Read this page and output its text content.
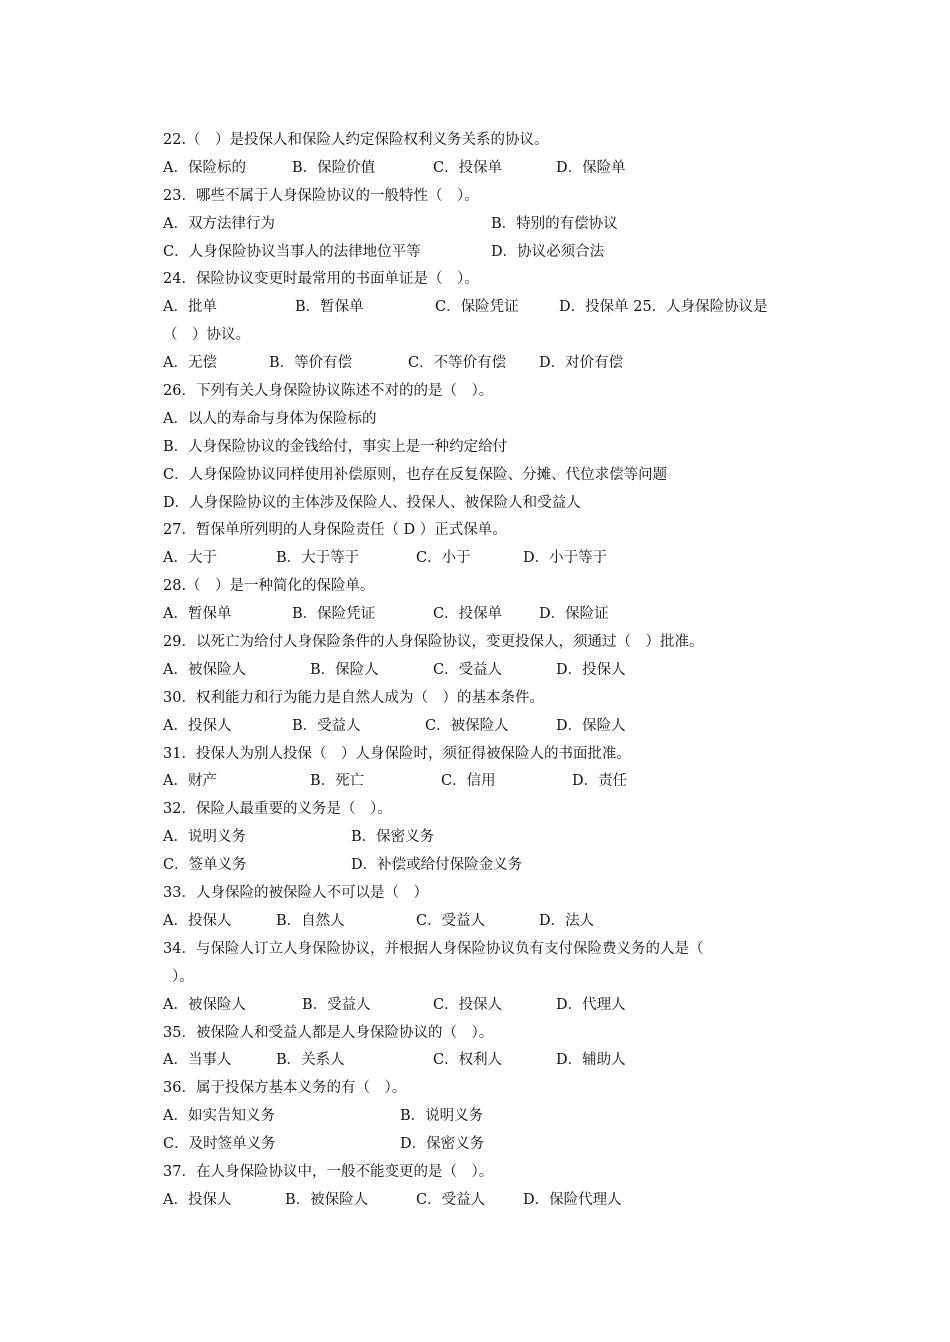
22.（　）是投保人和保险人约定保险权利义务关系的协议。
A．保险标的	B．保险价值	C．投保单	D．保险单
23．哪些不属于人身保险协议的一般特性（　）。
A．双方法律行为	B．特别的有偿协议
C．人身保险协议当事人的法律地位平等	D．协议必须合法
24．保险协议变更时最常用的书面单证是（　）。
A．批单	B．暂保单	C．保险凭证	D．投保单 25．人身保险协议是
（　）协议。
A．无偿	B．等价有偿	C．不等价有偿 D．对价有偿
26．下列有关人身保险协议陈述不对的的是（　）。
A．以人的寿命与身体为保险标的
B．人身保险协议的金钱给付，事实上是一种约定给付
C．人身保险协议同样使用补偿原则，也存在反复保险、分摊、代位求偿等问题
D．人身保险协议的主体涉及保险人、投保人、被保险人和受益人
27．暂保单所列明的人身保险责任（ D ）正式保单。
A．大于	B．大于等于	C．小于	D．小于等于
28.（　）是一种简化的保险单。
A．暂保单	B．保险凭证	C．投保单	D．保险证
29．以死亡为给付人身保险条件的人身保险协议，变更投保人，须通过（　）批准。
A．被保险人	B．保险人	C．受益人	D．投保人
30．权利能力和行为能力是自然人成为（　）的基本条件。
A．投保人	B．受益人	C．被保险人	D．保险人
31．投保人为别人投保（　）人身保险时，须征得被保险人的书面批准。
A．财产	B．死亡	C．信用	D．责任
32．保险人最重要的义务是（　）。
A．说明义务	B．保密义务
C．签单义务	D．补偿或给付保险金义务
33．人身保险的被保险人不可以是（　）
A．投保人	B．自然人	C．受益人	D．法人
34．与保险人订立人身保险协议，并根据人身保险协议负有支付保险费义务的人是（
）。
A．被保险人	B．受益人	C．投保人	D．代理人
35．被保险人和受益人都是人身保险协议的（　）。
A．当事人	B．关系人	C．权利人	D．辅助人
36．属于投保方基本义务的有（　）。
A．如实告知义务	B．说明义务
C．及时签单义务	D．保密义务
37．在人身保险协议中，一般不能变更的是（　）。
A．投保人	B．被保险人	C．受益人	D．保险代理人
